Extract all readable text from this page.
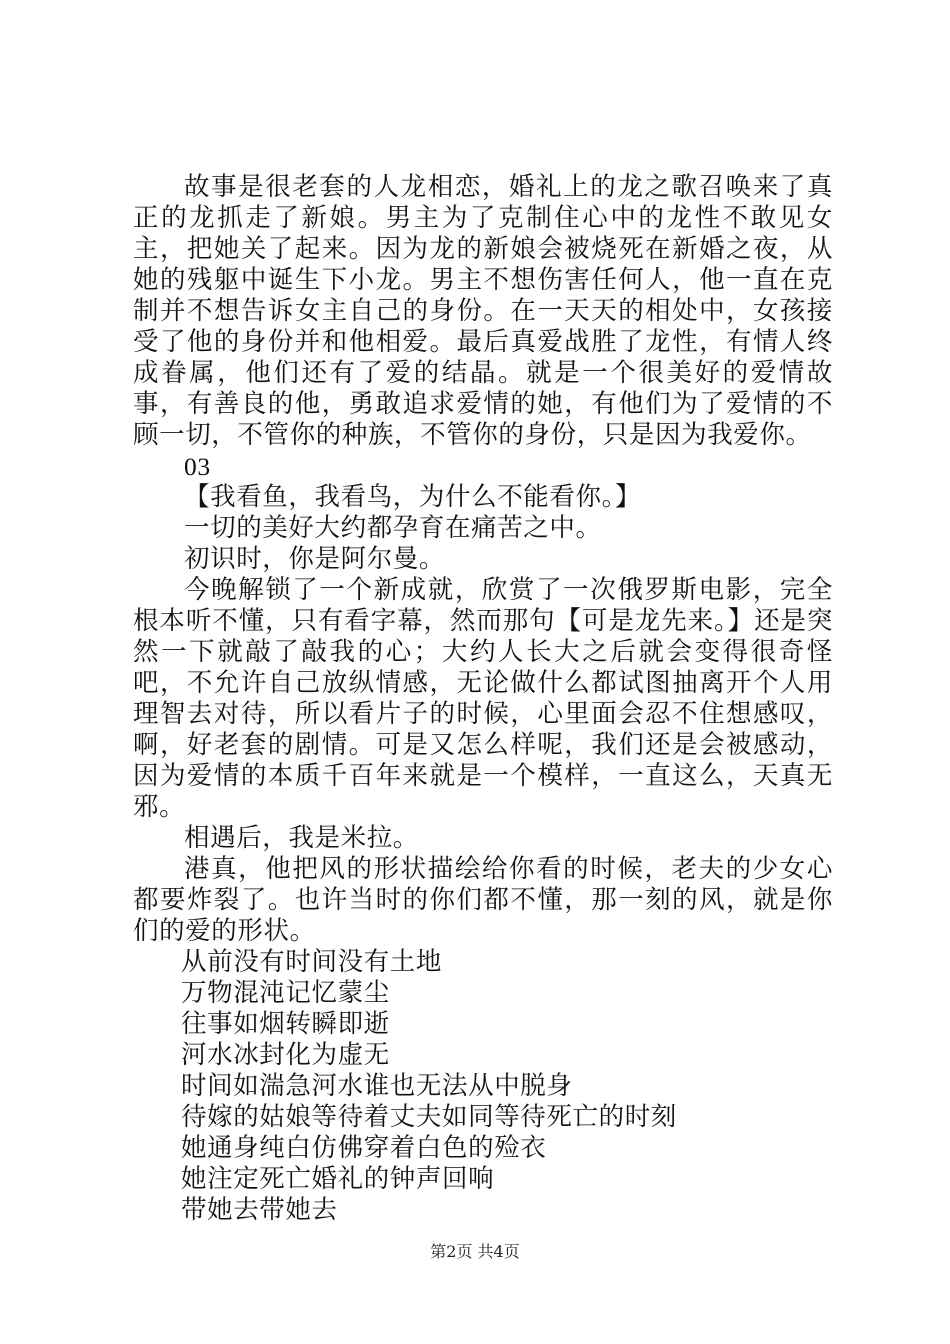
故事是很老套的人龙相恋，婚礼上的龙之歌召唤来了真正的龙抓走了新娘。男主为了克制住心中的龙性不敢见女主，把她关了起来。因为龙的新娘会被烧死在新婚之夜，从她的残躯中诞生下小龙。男主不想伤害任何人，他一直在克制并不想告诉女主自己的身份。在一天天的相处中，女孩接受了他的身份并和他相爱。最后真爱战胜了龙性，有情人终成眷属，他们还有了爱的结晶。就是一个很美好的爱情故事，有善良的他，勇敢追求爱情的她，有他们为了爱情的不顾一切，不管你的种族，不管你的身份，只是因为我爱你。

03

【我看鱼，我看鸟，为什么不能看你。】

一切的美好大约都孕育在痛苦之中。

初识时，你是阿尔曼。

今晚解锁了一个新成就，欣赏了一次俄罗斯电影，完全根本听不懂，只有看字幕，然而那句【可是龙先来。】还是突然一下就敲了敲我的心；大约人长大之后就会变得很奇怪吧，不允许自己放纵情感，无论做什么都试图抽离开个人用理智去对待，所以看片子的时候，心里面会忍不住想感叹，啊，好老套的剧情。可是又怎么样呢，我们还是会被感动，因为爱情的本质千百年来就是一个模样，一直这么，天真无邪。

相遇后，我是米拉。

港真，他把风的形状描绘给你看的时候，老夫的少女心都要炸裂了。也许当时的你们都不懂，那一刻的风，就是你们的爱的形状。

从前没有时间没有土地

万物混沌记忆蒙尘

往事如烟转瞬即逝

河水冰封化为虚无

时间如湍急河水谁也无法从中脱身

待嫁的姑娘等待着丈夫如同等待死亡的时刻

她通身纯白仿佛穿着白色的殓衣

她注定死亡婚礼的钟声回响

带她去带她去

第2页 共4页
